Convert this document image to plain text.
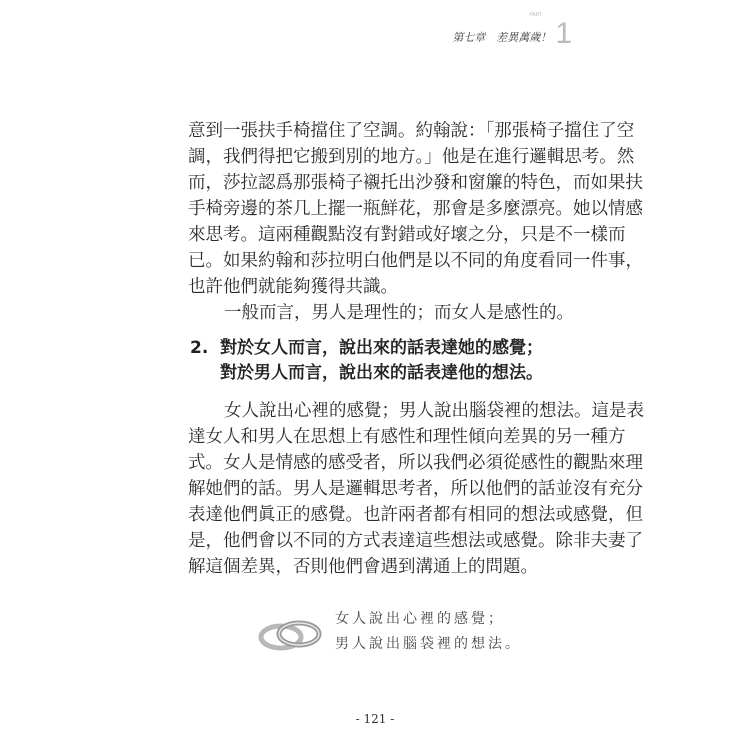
第七章　差異萬歲！
PART
1
意到一張扶手椅擋住了空調。約翰說：「那張椅子擋住了空
調，我們得把它搬到別的地方。」他是在進行邏輯思考。然
而，莎拉認爲那張椅子襯托出沙發和窗簾的特色，而如果扶
手椅旁邊的茶几上擺一瓶鮮花，那會是多麼漂亮。她以情感
來思考。這兩種觀點沒有對錯或好壞之分，只是不一樣而
已。如果約翰和莎拉明白他們是以不同的角度看同一件事，
也許他們就能夠獲得共識。
一般而言，男人是理性的；而女人是感性的。
2. 對於女人而言，說出來的話表達她的感覺；
對於男人而言，說出來的話表達他的想法。
女人說出心裡的感覺；男人說出腦袋裡的想法。這是表
達女人和男人在思想上有感性和理性傾向差異的另一種方
式。女人是情感的感受者，所以我們必須從感性的觀點來理
解她們的話。男人是邏輯思考者，所以他們的話並沒有充分
表達他們眞正的感覺。也許兩者都有相同的想法或感覺，但
是，他們會以不同的方式表達這些想法或感覺。除非夫妻了
解這個差異，否則他們會遇到溝通上的問題。
女人說出心裡的感覺；
男人說出腦袋裡的想法。
- 121 -
